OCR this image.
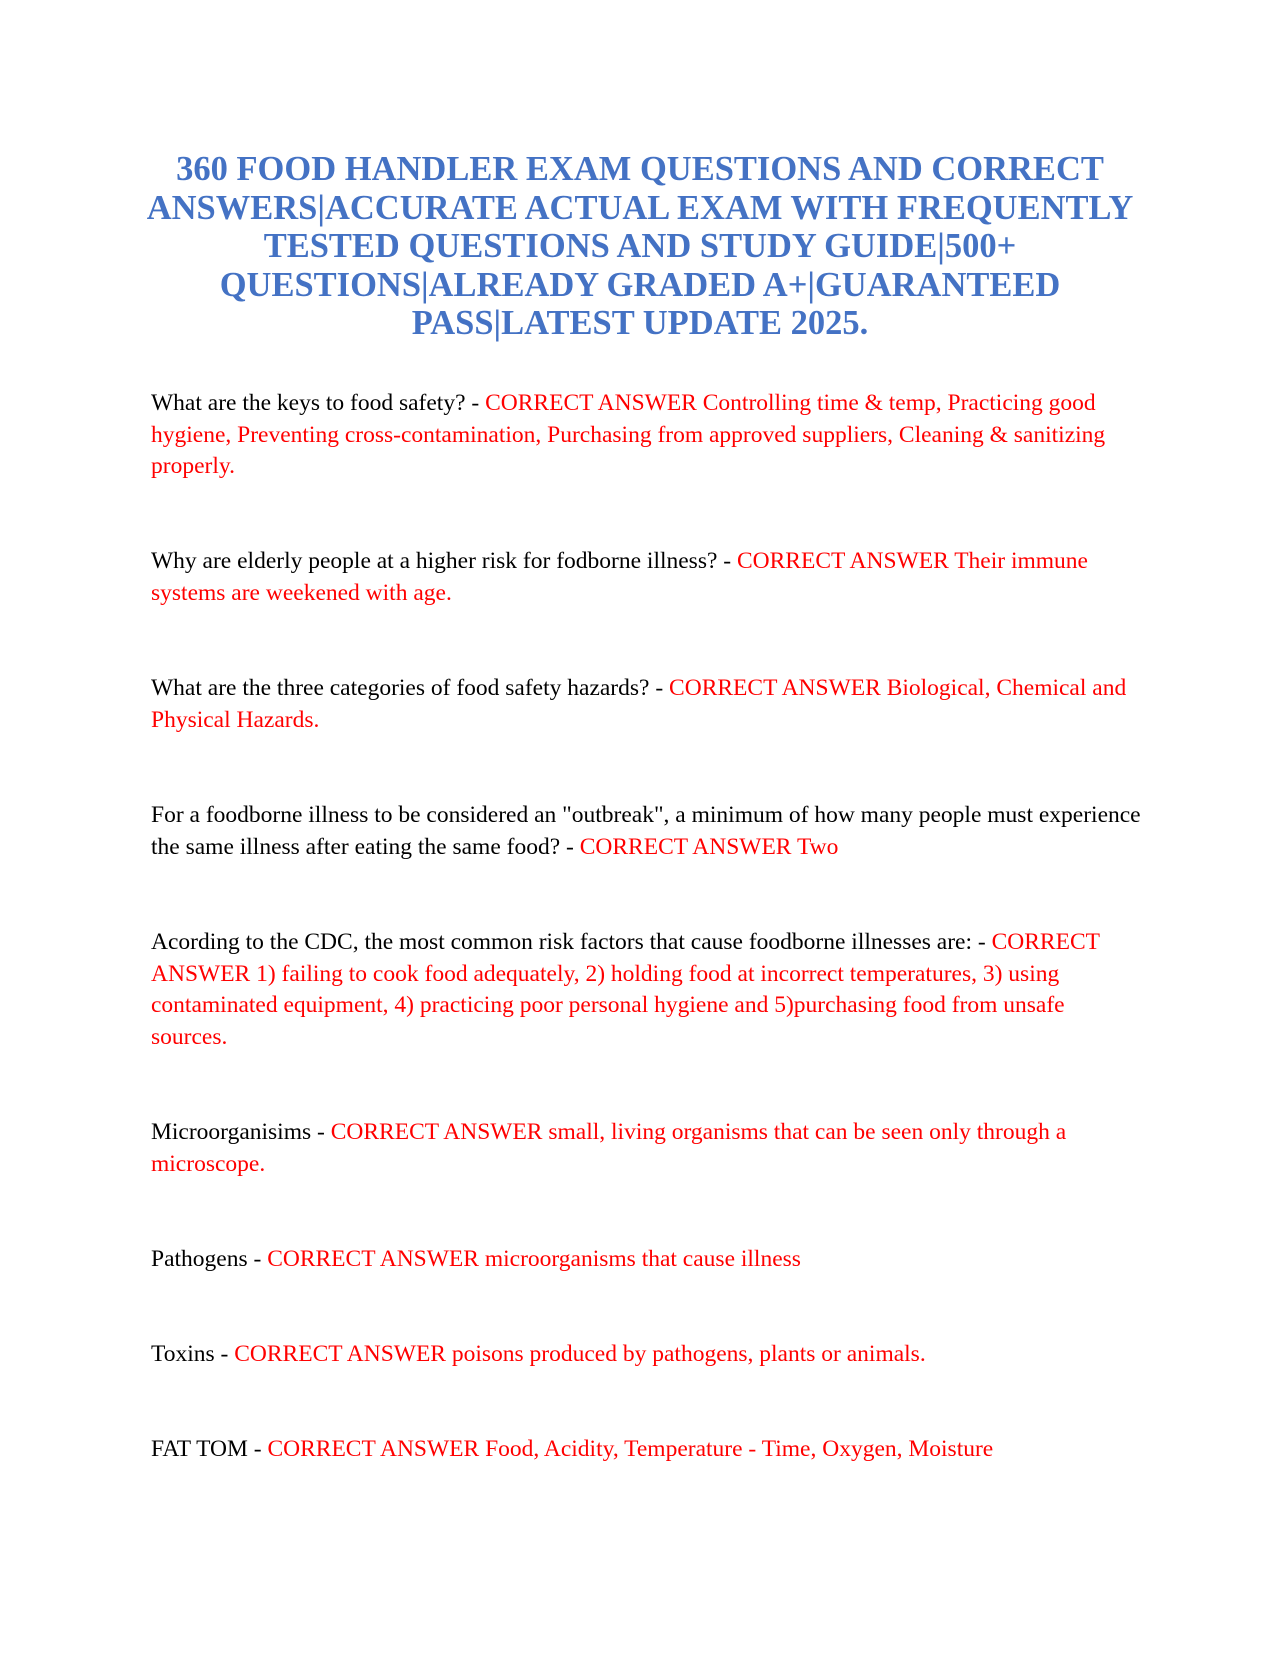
360 FOOD HANDLER EXAM QUESTIONS AND CORRECT ANSWERS|ACCURATE ACTUAL EXAM WITH FREQUENTLY TESTED QUESTIONS AND STUDY GUIDE|500+ QUESTIONS|ALREADY GRADED A+|GUARANTEED PASS|LATEST UPDATE 2025.

What are the keys to food safety? - CORRECT ANSWER Controlling time & temp, Practicing good hygiene, Preventing cross-contamination, Purchasing from approved suppliers, Cleaning & sanitizing properly.

Why are elderly people at a higher risk for fodborne illness? - CORRECT ANSWER Their immune systems are weekened with age.

What are the three categories of food safety hazards? - CORRECT ANSWER Biological, Chemical and Physical Hazards.

For a foodborne illness to be considered an "outbreak", a minimum of how many people must experience the same illness after eating the same food? - CORRECT ANSWER Two

Acording to the CDC, the most common risk factors that cause foodborne illnesses are: - CORRECT ANSWER 1) failing to cook food adequately, 2) holding food at incorrect temperatures, 3) using contaminated equipment, 4) practicing poor personal hygiene and 5)purchasing food from unsafe sources.

Microorganisims - CORRECT ANSWER small, living organisms that can be seen only through a microscope.

Pathogens - CORRECT ANSWER microorganisms that cause illness

Toxins - CORRECT ANSWER poisons produced by pathogens, plants or animals.

FAT TOM - CORRECT ANSWER Food, Acidity, Temperature - Time, Oxygen, Moisture
